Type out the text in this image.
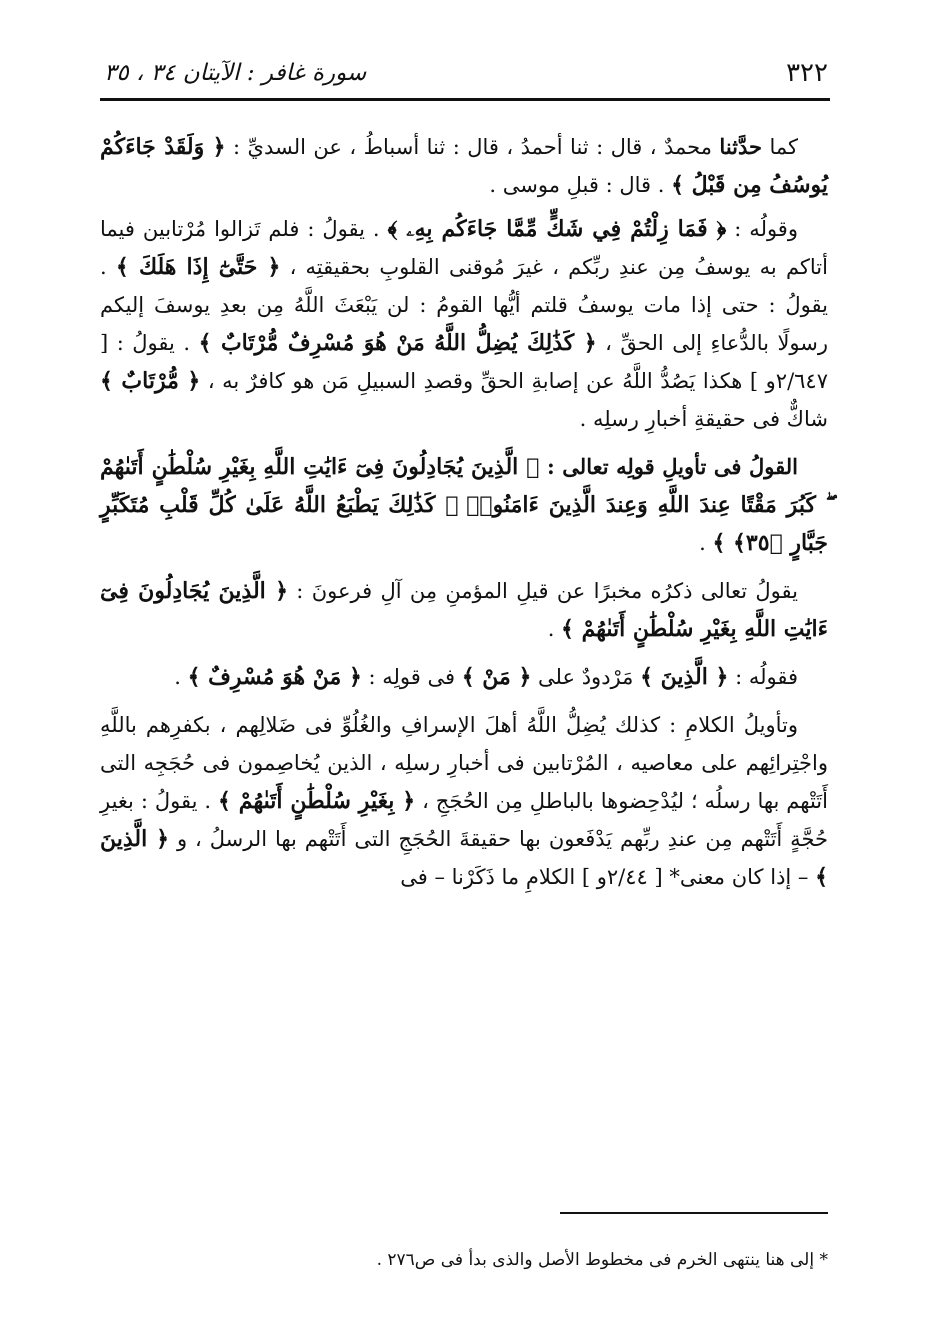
٣٢٢
سورة غافر : الآيتان ٣٤ ، ٣٥

كما حدَّثنا محمدٌ ، قال : ثنا أحمدُ ، قال : ثنا أسباطُ ، عن السديِّ : ﴿ وَلَقَدْ جَاءَكُمْ يُوسُفُ مِن قَبْلُ ﴾ . قال : قبلِ موسى .

وقولُه : ﴿ فَمَا زِلْتُمْ فِي شَكٍّ مِّمَّا جَاءَكُم بِهِۦ ﴾ . يقولُ : فلم تَزالوا مُرْتابين فيما أتاكم به يوسفُ مِن عندِ ربِّكم ، غيرَ مُوقنى القلوبِ بحقيقتِه ، ﴿ حَتَّىٰٓ إِذَا هَلَكَ ﴾ . يقولُ : حتى إذا مات يوسفُ قلتم أيُّها القومُ : لن يَبْعَثَ اللَّهُ مِن بعدِ يوسفَ إليكم رسولًا بالدُّعاءِ إلى الحقِّ ، ﴿ كَذَٰلِكَ يُضِلُّ اللَّهُ مَنْ هُوَ مُسْرِفٌ مُّرْتَابٌ ﴾ . يقولُ : [ ٢/٦٤٧و ] هكذا يَصُدُّ اللَّهُ عن إصابةِ الحقِّ وقصدِ السبيلِ مَن هو كافرٌ به ، ﴿ مُّرْتَابٌ ﴾ شاكٌّ فى حقيقةِ أخبارِ رسلِه .

القولُ فى تأويلِ قولِه تعالى : ﴿ الَّذِينَ يُجَادِلُونَ فِىٓ ءَايَٰتِ اللَّهِ بِغَيْرِ سُلْطَٰنٍ أَتَىٰهُمْ ۖ كَبُرَ مَقْتًا عِندَ اللَّهِ وَعِندَ الَّذِينَ ءَامَنُوا۟ ۚ كَذَٰلِكَ يَطْبَعُ اللَّهُ عَلَىٰ كُلِّ قَلْبِ مُتَكَبِّرٍ جَبَّارٍ ﴿٣٥﴾ ﴾ .

يقولُ تعالى ذكرُه مخبرًا عن قيلِ المؤمنِ مِن آلِ فرعونَ : ﴿ الَّذِينَ يُجَادِلُونَ فِىٓ ءَايَٰتِ اللَّهِ بِغَيْرِ سُلْطَٰنٍ أَتَىٰهُمْ ﴾ .

فقولُه : ﴿ الَّذِينَ ﴾ مَرْدودٌ على ﴿ مَنْ ﴾ فى قولِه : ﴿ مَنْ هُوَ مُسْرِفٌ ﴾ .

وتأويلُ الكلامِ : كذلك يُضِلُّ اللَّهُ أهلَ الإسرافِ والغُلُوِّ فى ضَلالِهم ، بكفرِهم باللَّهِ واجْتِرائِهم على معاصيه ، المُرْتابين فى أخبارِ رسلِه ، الذين يُخاصِمون فى حُجَجِه التى أَتَتْهم بها رسلُه ؛ ليُدْحِضوها بالباطلِ مِن الحُجَجِ ، ﴿ بِغَيْرِ سُلْطَٰنٍ أَتَىٰهُمْ ﴾ . يقولُ : بغيرِ حُجَّةٍ أَتَتْهم مِن عندِ ربِّهم يَدْفَعون بها حقيقةَ الحُجَجِ التى أَتَتْهم بها الرسلُ ، و ﴿ الَّذِينَ ﴾ – إذا كان معنى* [ ٢/٤٤و ] الكلامِ ما ذَكَرْنا – فى

* إلى هنا ينتهى الخرم فى مخطوط الأصل والذى بدأ فى ص٢٧٦ .
